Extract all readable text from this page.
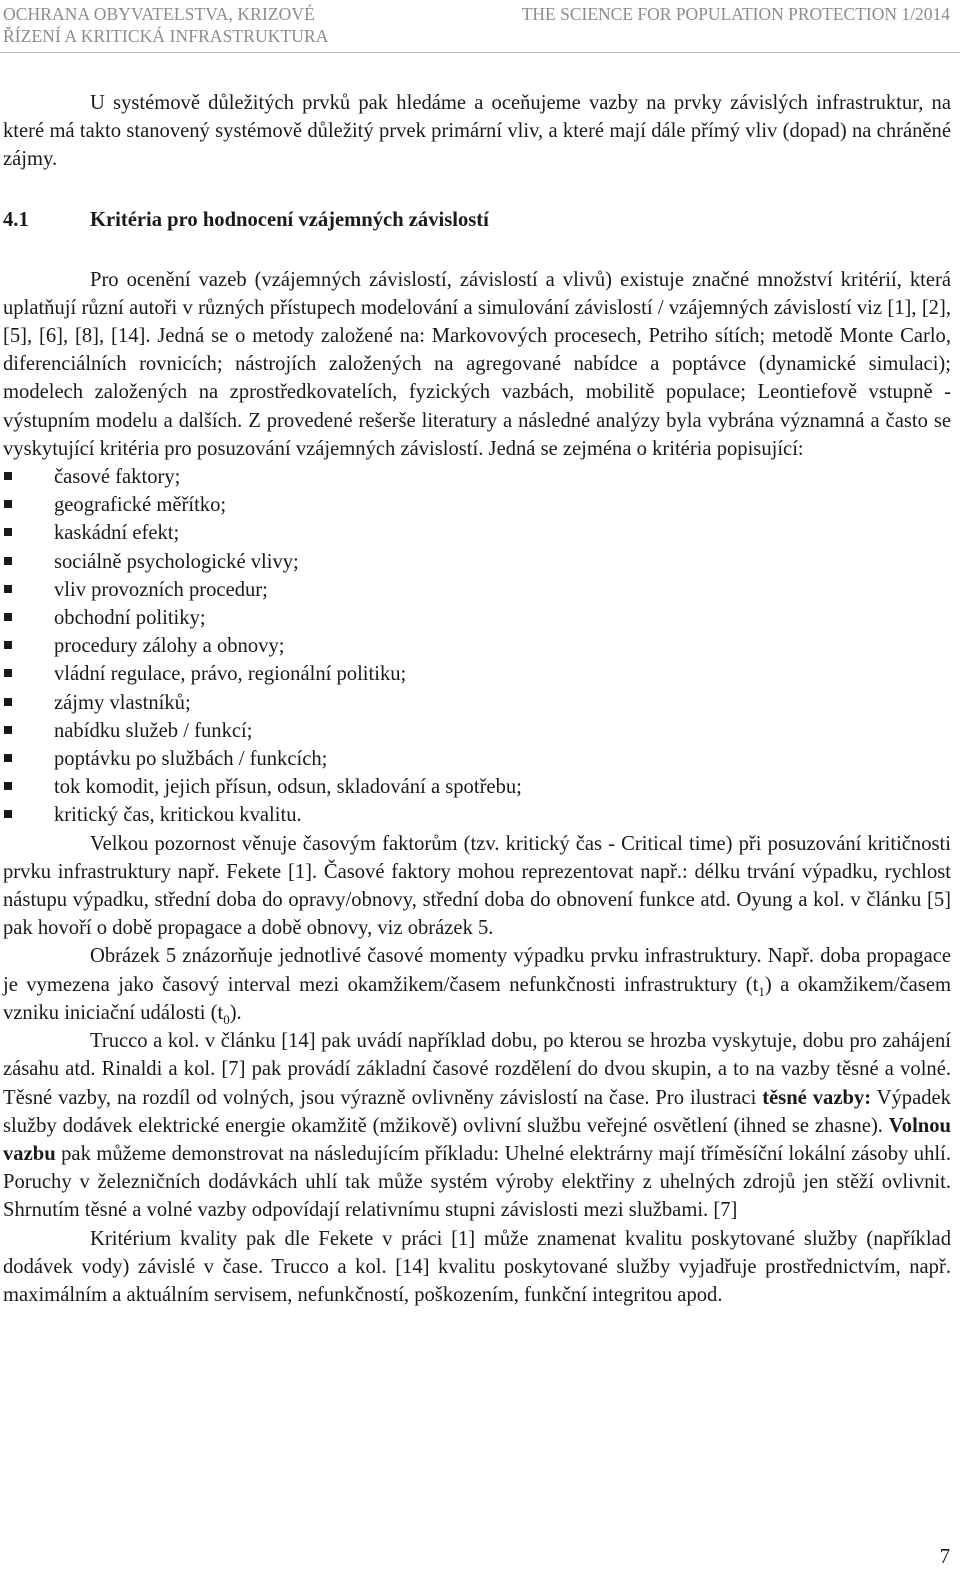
OCHRANA OBYVATELSTVA, KRIZOVÉ
ŘÍZENÍ A KRITICKÁ INFRASTRUKTURA
THE SCIENCE FOR POPULATION PROTECTION 1/2014

U systémově důležitých prvků pak hledáme a oceňujeme vazby na prvky závislých infrastruktur, na které má takto stanovený systémově důležitý prvek primární vliv, a které mají dále přímý vliv (dopad) na chráněné zájmy.

4.1	Kritéria pro hodnocení vzájemných závislostí

Pro ocenění vazeb (vzájemných závislostí, závislostí a vlivů) existuje značné množství kritérií, která uplatňují různí autoři v různých přístupech modelování a simulování závislostí / vzájemných závislostí viz [1], [2], [5], [6], [8], [14]. Jedná se o metody založené na: Markovových procesech, Petriho sítích; metodě Monte Carlo, diferenciálních rovnicích; nástrojích založených na agregované nabídce a poptávce (dynamické simulaci); modelech založených na zprostředkovatelích, fyzických vazbách, mobilitě populace; Leontiefově vstupně - výstupním modelu a dalších. Z provedené rešerše literatury a následné analýzy byla vybrána významná a často se vyskytující kritéria pro posuzování vzájemných závislostí. Jedná se zejména o kritéria popisující:

časové faktory;
geografické měřítko;
kaskádní efekt;
sociálně psychologické vlivy;
vliv provozních procedur;
obchodní politiky;
procedury zálohy a obnovy;
vládní regulace, právo, regionální politiku;
zájmy vlastníků;
nabídku služeb / funkcí;
poptávku po službách / funkcích;
tok komodit, jejich přísun, odsun, skladování a spotřebu;
kritický čas, kritickou kvalitu.

Velkou pozornost věnuje časovým faktorům (tzv. kritický čas - Critical time) při posuzování kritičnosti prvku infrastruktury např. Fekete [1]. Časové faktory mohou reprezentovat např.: délku trvání výpadku, rychlost nástupu výpadku, střední doba do opravy/obnovy, střední doba do obnovení funkce atd. Oyung a kol. v článku [5] pak hovoří o době propagace a době obnovy, viz obrázek 5.

Obrázek 5 znázorňuje jednotlivé časové momenty výpadku prvku infrastruktury. Např. doba propagace je vymezena jako časový interval mezi okamžikem/časem nefunkčnosti infrastruktury $(t_1)$ a okamžikem/časem vzniku iniciační události $(t_0)$.

Trucco a kol. v článku [14] pak uvádí například dobu, po kterou se hrozba vyskytuje, dobu pro zahájení zásahu atd. Rinaldi a kol. [7] pak provádí základní časové rozdělení do dvou skupin, a to na vazby těsné a volné. Těsné vazby, na rozdíl od volných, jsou výrazně ovlivněny závislostí na čase. Pro ilustraci těsné vazby: Výpadek služby dodávek elektrické energie okamžitě (mžikově) ovlivní službu veřejné osvětlení (ihned se zhasne). Volnou vazbu pak můžeme demonstrovat na následujícím příkladu: Uhelné elektrárny mají tříměsíční lokální zásoby uhlí. Poruchy v železničních dodávkách uhlí tak může systém výroby elektřiny z uhelných zdrojů jen stěží ovlivnit. Shrnutím těsné a volné vazby odpovídají relativnímu stupni závislosti mezi službami. [7]

Kritérium kvality pak dle Fekete v práci [1] může znamenat kvalitu poskytované služby (například dodávek vody) závislé v čase. Trucco a kol. [14] kvalitu poskytované služby vyjadřuje prostřednictvím, např. maximálním a aktuálním servisem, nefunkčností, poškozením, funkční integritou apod.

7
